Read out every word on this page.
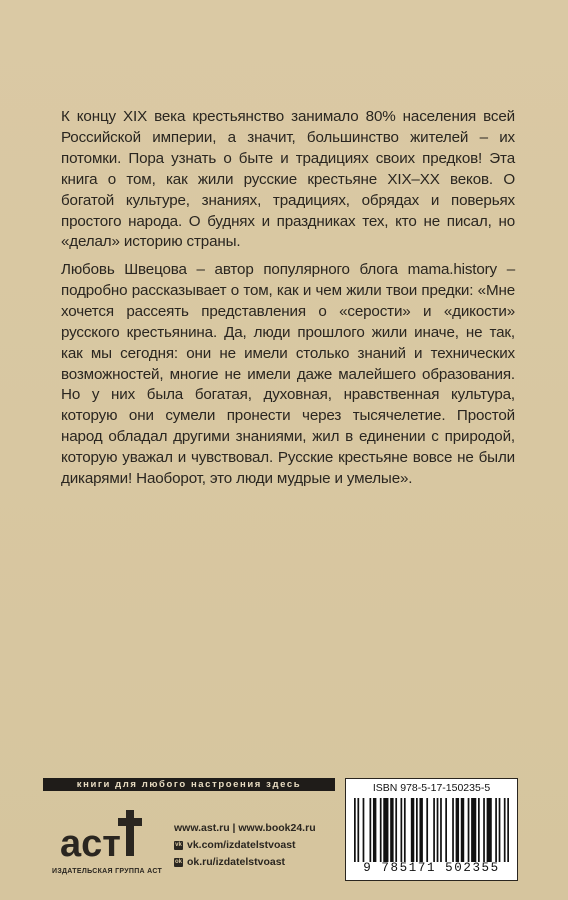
К концу XIX века крестьянство занимало 80% населения всей Российской империи, а значит, большинство жителей – их потомки. Пора узнать о быте и традициях своих предков! Эта книга о том, как жили русские крестьяне XIX–XX веков. О богатой культуре, знаниях, традициях, обрядах и поверьях простого народа. О буднях и праздниках тех, кто не писал, но «делал» историю страны.

Любовь Швецова – автор популярного блога mama.history – подробно рассказывает о том, как и чем жили твои предки: «Мне хочется рассеять представления о «серости» и «дикости» русского крестьянина. Да, люди прошлого жили иначе, не так, как мы сегодня: они не имели столько знаний и технических возможностей, многие не имели даже малейшего образования. Но у них была богатая, духовная, нравственная культура, которую они сумели пронести через тысячелетие. Простой народ обладал другими знаниями, жил в единении с природой, которую уважал и чувствовал. Русские крестьяне вовсе не были дикарями! Наоборот, это люди мудрые и умелые».

книги для любого настроения здесь
аст
ИЗДАТЕЛЬСКАЯ ГРУППА АСТ
www.ast.ru | www.book24.ru
vk vk.com/izdatelstvoast
ok ok.ru/izdatelstvoast
ISBN 978-5-17-150235-5
9 785171 502355
